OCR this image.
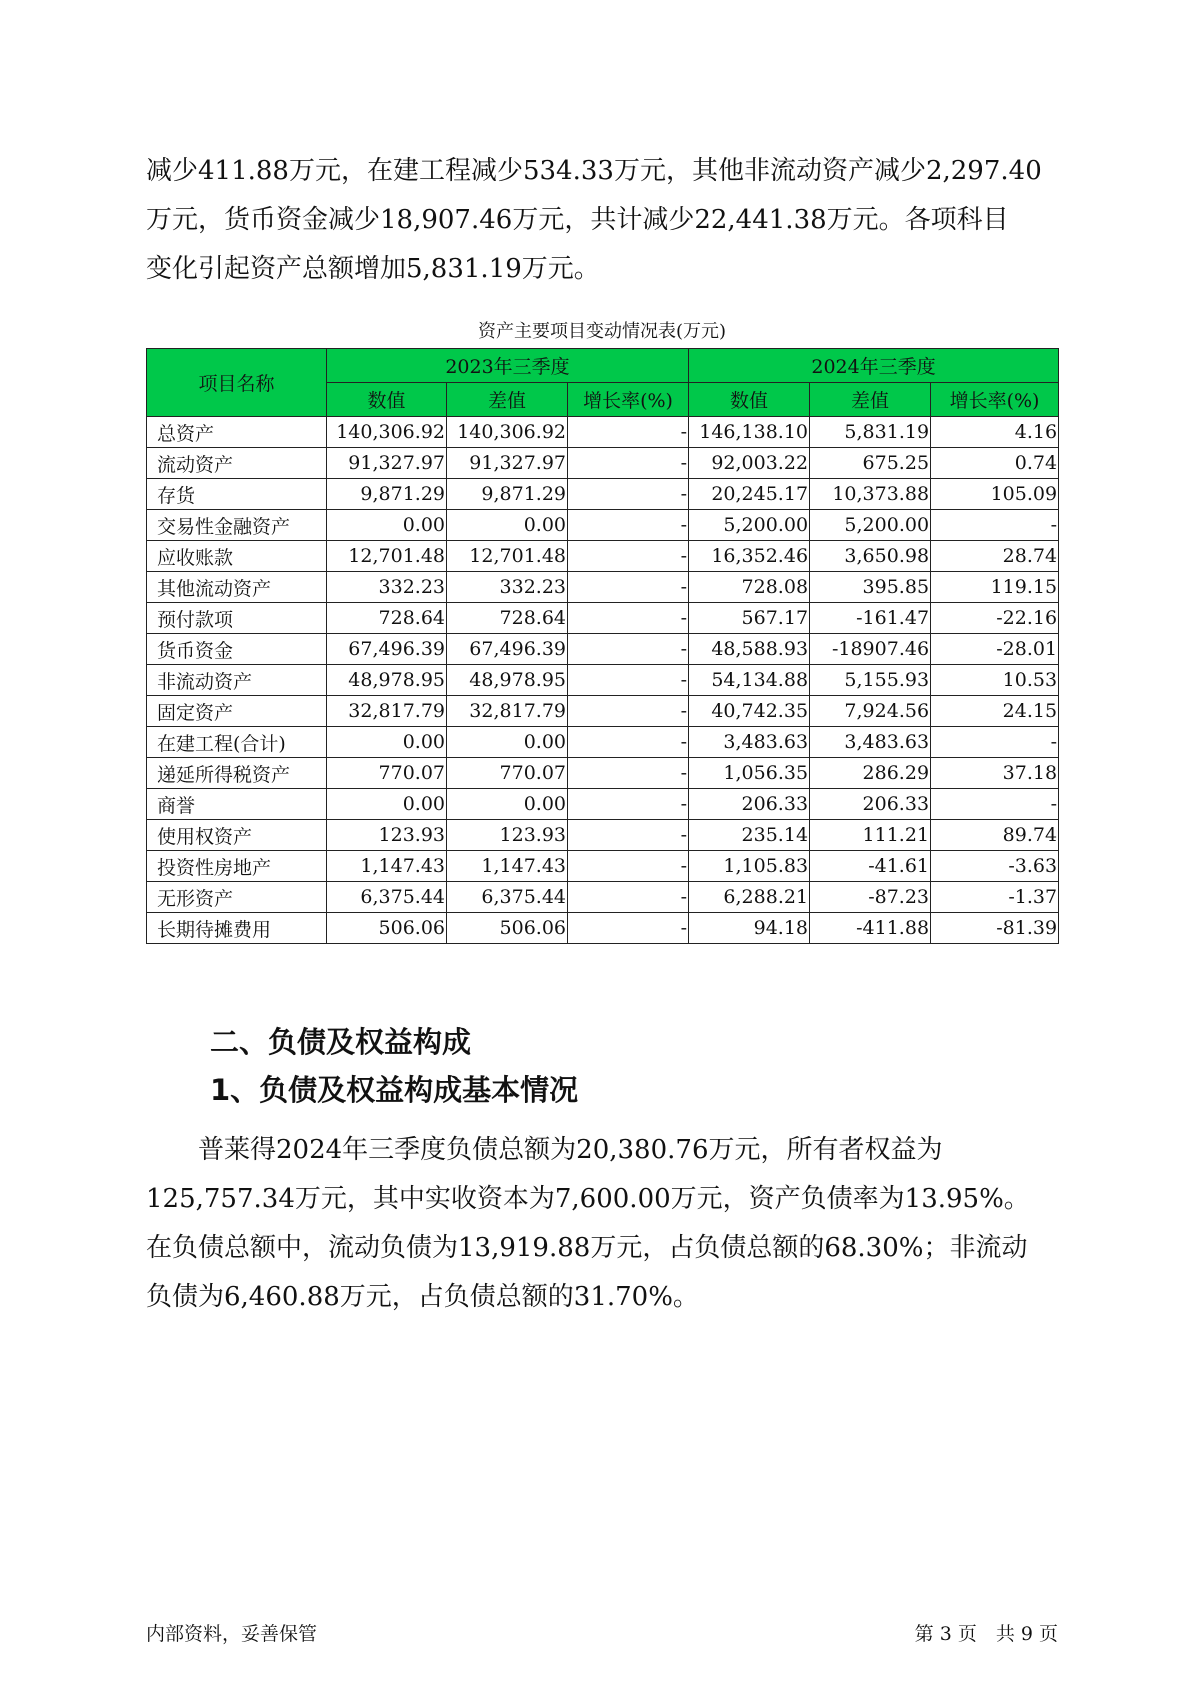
减少411.88万元，在建工程减少534.33万元，其他非流动资产减少2,297.40
万元，货币资金减少18,907.46万元，共计减少22,441.38万元。各项科目
变化引起资产总额增加5,831.19万元。

资产主要项目变动情况表(万元)
项目名称	2023年三季度			2024年三季度		
	数值	差值	增长率(%)	数值	差值	增长率(%)
总资产	140,306.92	140,306.92	-	146,138.10	5,831.19	4.16
流动资产	91,327.97	91,327.97	-	92,003.22	675.25	0.74
存货	9,871.29	9,871.29	-	20,245.17	10,373.88	105.09
交易性金融资产	0.00	0.00	-	5,200.00	5,200.00	-
应收账款	12,701.48	12,701.48	-	16,352.46	3,650.98	28.74
其他流动资产	332.23	332.23	-	728.08	395.85	119.15
预付款项	728.64	728.64	-	567.17	-161.47	-22.16
货币资金	67,496.39	67,496.39	-	48,588.93	-18907.46	-28.01
非流动资产	48,978.95	48,978.95	-	54,134.88	5,155.93	10.53
固定资产	32,817.79	32,817.79	-	40,742.35	7,924.56	24.15
在建工程(合计)	0.00	0.00	-	3,483.63	3,483.63	-
递延所得税资产	770.07	770.07	-	1,056.35	286.29	37.18
商誉	0.00	0.00	-	206.33	206.33	-
使用权资产	123.93	123.93	-	235.14	111.21	89.74
投资性房地产	1,147.43	1,147.43	-	1,105.83	-41.61	-3.63
无形资产	6,375.44	6,375.44	-	6,288.21	-87.23	-1.37
长期待摊费用	506.06	506.06	-	94.18	-411.88	-81.39
二、负债及权益构成
1、负债及权益构成基本情况

　　普莱得2024年三季度负债总额为20,380.76万元，所有者权益为
125,757.34万元，其中实收资本为7,600.00万元，资产负债率为13.95%。
在负债总额中，流动负债为13,919.88万元，占负债总额的68.30%；非流动
负债为6,460.88万元，占负债总额的31.70%。

内部资料，妥善保管	第 3 页　共 9 页
